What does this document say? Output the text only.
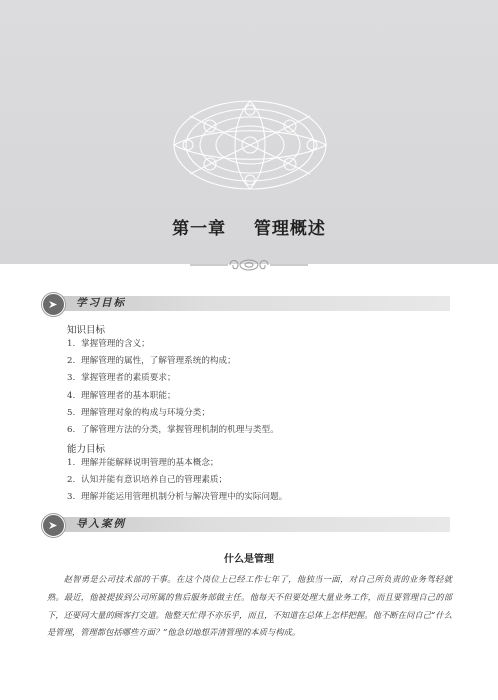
第一章    管理概述
学习目标
知识目标
1. 掌握管理的含义；
2. 理解管理的属性，了解管理系统的构成；
3. 掌握管理者的素质要求；
4. 理解管理者的基本职能；
5. 理解管理对象的构成与环境分类；
6. 了解管理方法的分类，掌握管理机制的机理与类型。
能力目标
1. 理解并能解释说明管理的基本概念；
2. 认知并能有意识培养自己的管理素质；
3. 理解并能运用管理机制分析与解决管理中的实际问题。
导入案例
什么是管理

赵智勇是公司技术部的干事。在这个岗位上已经工作七年了，他独当一面，对自己所负责的业务驾轻就熟。最近，他被提拔到公司所属的售后服务部做主任。他每天不但要处理大量业务工作，而且要管理自己的部下，还要同大量的顾客打交道。他整天忙得不亦乐乎，而且，不知道在总体上怎样把握。他不断在问自己“什么是管理，管理都包括哪些方面？”他急切地想弄清管理的本质与构成。
